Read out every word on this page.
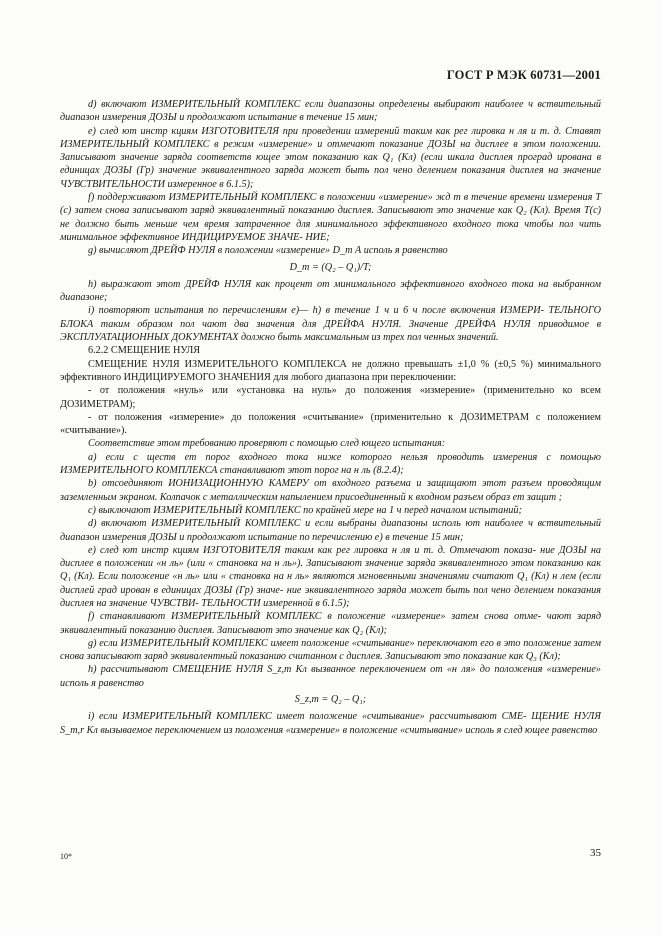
ГОСТ Р МЭК 60731—2001

d) включают ИЗМЕРИТЕЛЬНЫЙ КОМПЛЕКС если диапазоны определены выбирают наиболее ч вствительный диапазон измерения ДОЗЫ и продолжают испытание в течение 15 мин;

е) след ют инстр кциям ИЗГОТОВИТЕЛЯ при проведении измерений таким как рег лировка н ля и т. д. Ставят ИЗМЕРИТЕЛЬНЫЙ КОМПЛЕКС в режим «измерение» и отмечают показание ДОЗЫ на дисплее в этом положении. Записывают значение заряда соответств ющее этом показанию как Q₁ (Кл) (если шкала дисплея проград ирована в единицах ДОЗЫ (Гр) значение эквивалентного заряда может быть пол чено делением показания дисплея на значение ЧУВСТВИТЕЛЬНОСТИ измеренное в 6.1.5);

f) поддерживают ИЗМЕРИТЕЛЬНЫЙ КОМПЛЕКС в положении «измерение» жд т в течение времени измерения T (с) затем снова записывают заряд эквивалентный показанию дисплея. Записывают это значение как Q₂ (Кл). Время T(с) не должно быть меньше чем время затраченное для минимального эффективного входного тока чтобы пол чить минимальное эффективное ИНДИЦИРУЕМОЕ ЗНАЧЕ- НИЕ;

g) вычисляют ДРЕЙФ НУЛЯ в положении «измерение» D_m А исполь я равенство

D_m = (Q₂ – Q₁)/T;

h) выражают этот ДРЕЙФ НУЛЯ как процент от минимального эффективного входного тока на выбранном диапазоне;

i) повторяют испытания по перечислениям е)— h) в течение 1 ч и 6 ч после включения ИЗМЕРИ- ТЕЛЬНОГО БЛОКА таким образом пол чают два значения для ДРЕЙФА НУЛЯ. Значение ДРЕЙФА НУЛЯ приводимое в ЭКСПЛУАТАЦИОННЫХ ДОКУМЕНТАХ должно быть максимальным из трех пол ченных значений.

6.2.2 СМЕЩЕНИЕ НУЛЯ

СМЕЩЕНИЕ НУЛЯ ИЗМЕРИТЕЛЬНОГО КОМПЛЕКСА не должно превышать ±1,0 % (±0,5 %) минимального эффективного ИНДИЦИРУЕМОГО ЗНАЧЕНИЯ для любого диапазона при переключении:

- от положения «нуль» или «установка на нуль» до положения «измерение» (применительно ко всем ДОЗИМЕТРАМ);

- от положения «измерение» до положения «считывание» (применительно к ДОЗИМЕТРАМ с положением «считывание»).

Соответствие этом требованию проверяют с помощью след ющего испытания:

a) если с ществ ет порог входного тока ниже которого нельзя проводить измерения с помощью ИЗМЕРИТЕЛЬНОГО КОМПЛЕКСА станавливают этот порог на н ль (8.2.4);

b) отсоединяют ИОНИЗАЦИОННУЮ КАМЕРУ от входного разъема и защищают этот разъем проводящим заземленным экраном. Колпачок с металлическим напылением присоединенный к входном разъем образ ет защит ;

c) выключают ИЗМЕРИТЕЛЬНЫЙ КОМПЛЕКС по крайней мере на 1 ч перед началом испытаний;

d) включают ИЗМЕРИТЕЛЬНЫЙ КОМПЛЕКС и если выбраны диапазоны исполь ют наиболее ч вствительный диапазон измерения ДОЗЫ и продолжают испытание по перечислению е) в течение 15 мин;

е) след ют инстр кциям ИЗГОТОВИТЕЛЯ таким как рег лировка н ля и т. д. Отмечают показа- ние ДОЗЫ на дисплее в положении «н ль» (или « становка на н ль»). Записывают значение заряда эквивалентного этом показанию как Q₁ (Кл). Если положение «н ль» или « становка на н ль» являются мгновенными значениями считают Q₁ (Кл) н лем (если дисплей град ирован в единицах ДОЗЫ (Гр) значе- ние эквивалентного заряда может быть пол чено делением показания дисплея на значение ЧУВСТВИ- ТЕЛЬНОСТИ измеренной в 6.1.5);

f) станавливают ИЗМЕРИТЕЛЬНЫЙ КОМПЛЕКС в положение «измерение» затем снова отме- чают заряд эквивалентный показанию дисплея. Записывают это значение как Q₂ (Кл);

g) если ИЗМЕРИТЕЛЬНЫЙ КОМПЛЕКС имеет положение «считывание» переключают его в это положение затем снова записывают заряд эквивалентный показанию считанном с дисплея. Записывают это показание как Q₃ (Кл);

h) рассчитывают СМЕЩЕНИЕ НУЛЯ S_z,m Кл вызванное переключением от «н ля» до положения «измерение» исполь я равенство

S_z,m = Q₂ – Q₁;

i) если ИЗМЕРИТЕЛЬНЫЙ КОМПЛЕКС имеет положение «считывание» рассчитывают СМЕ- ЩЕНИЕ НУЛЯ S_m,r Кл вызываемое переключением из положения «измерение» в положение «считывание» исполь я след ющее равенство

10*	35
